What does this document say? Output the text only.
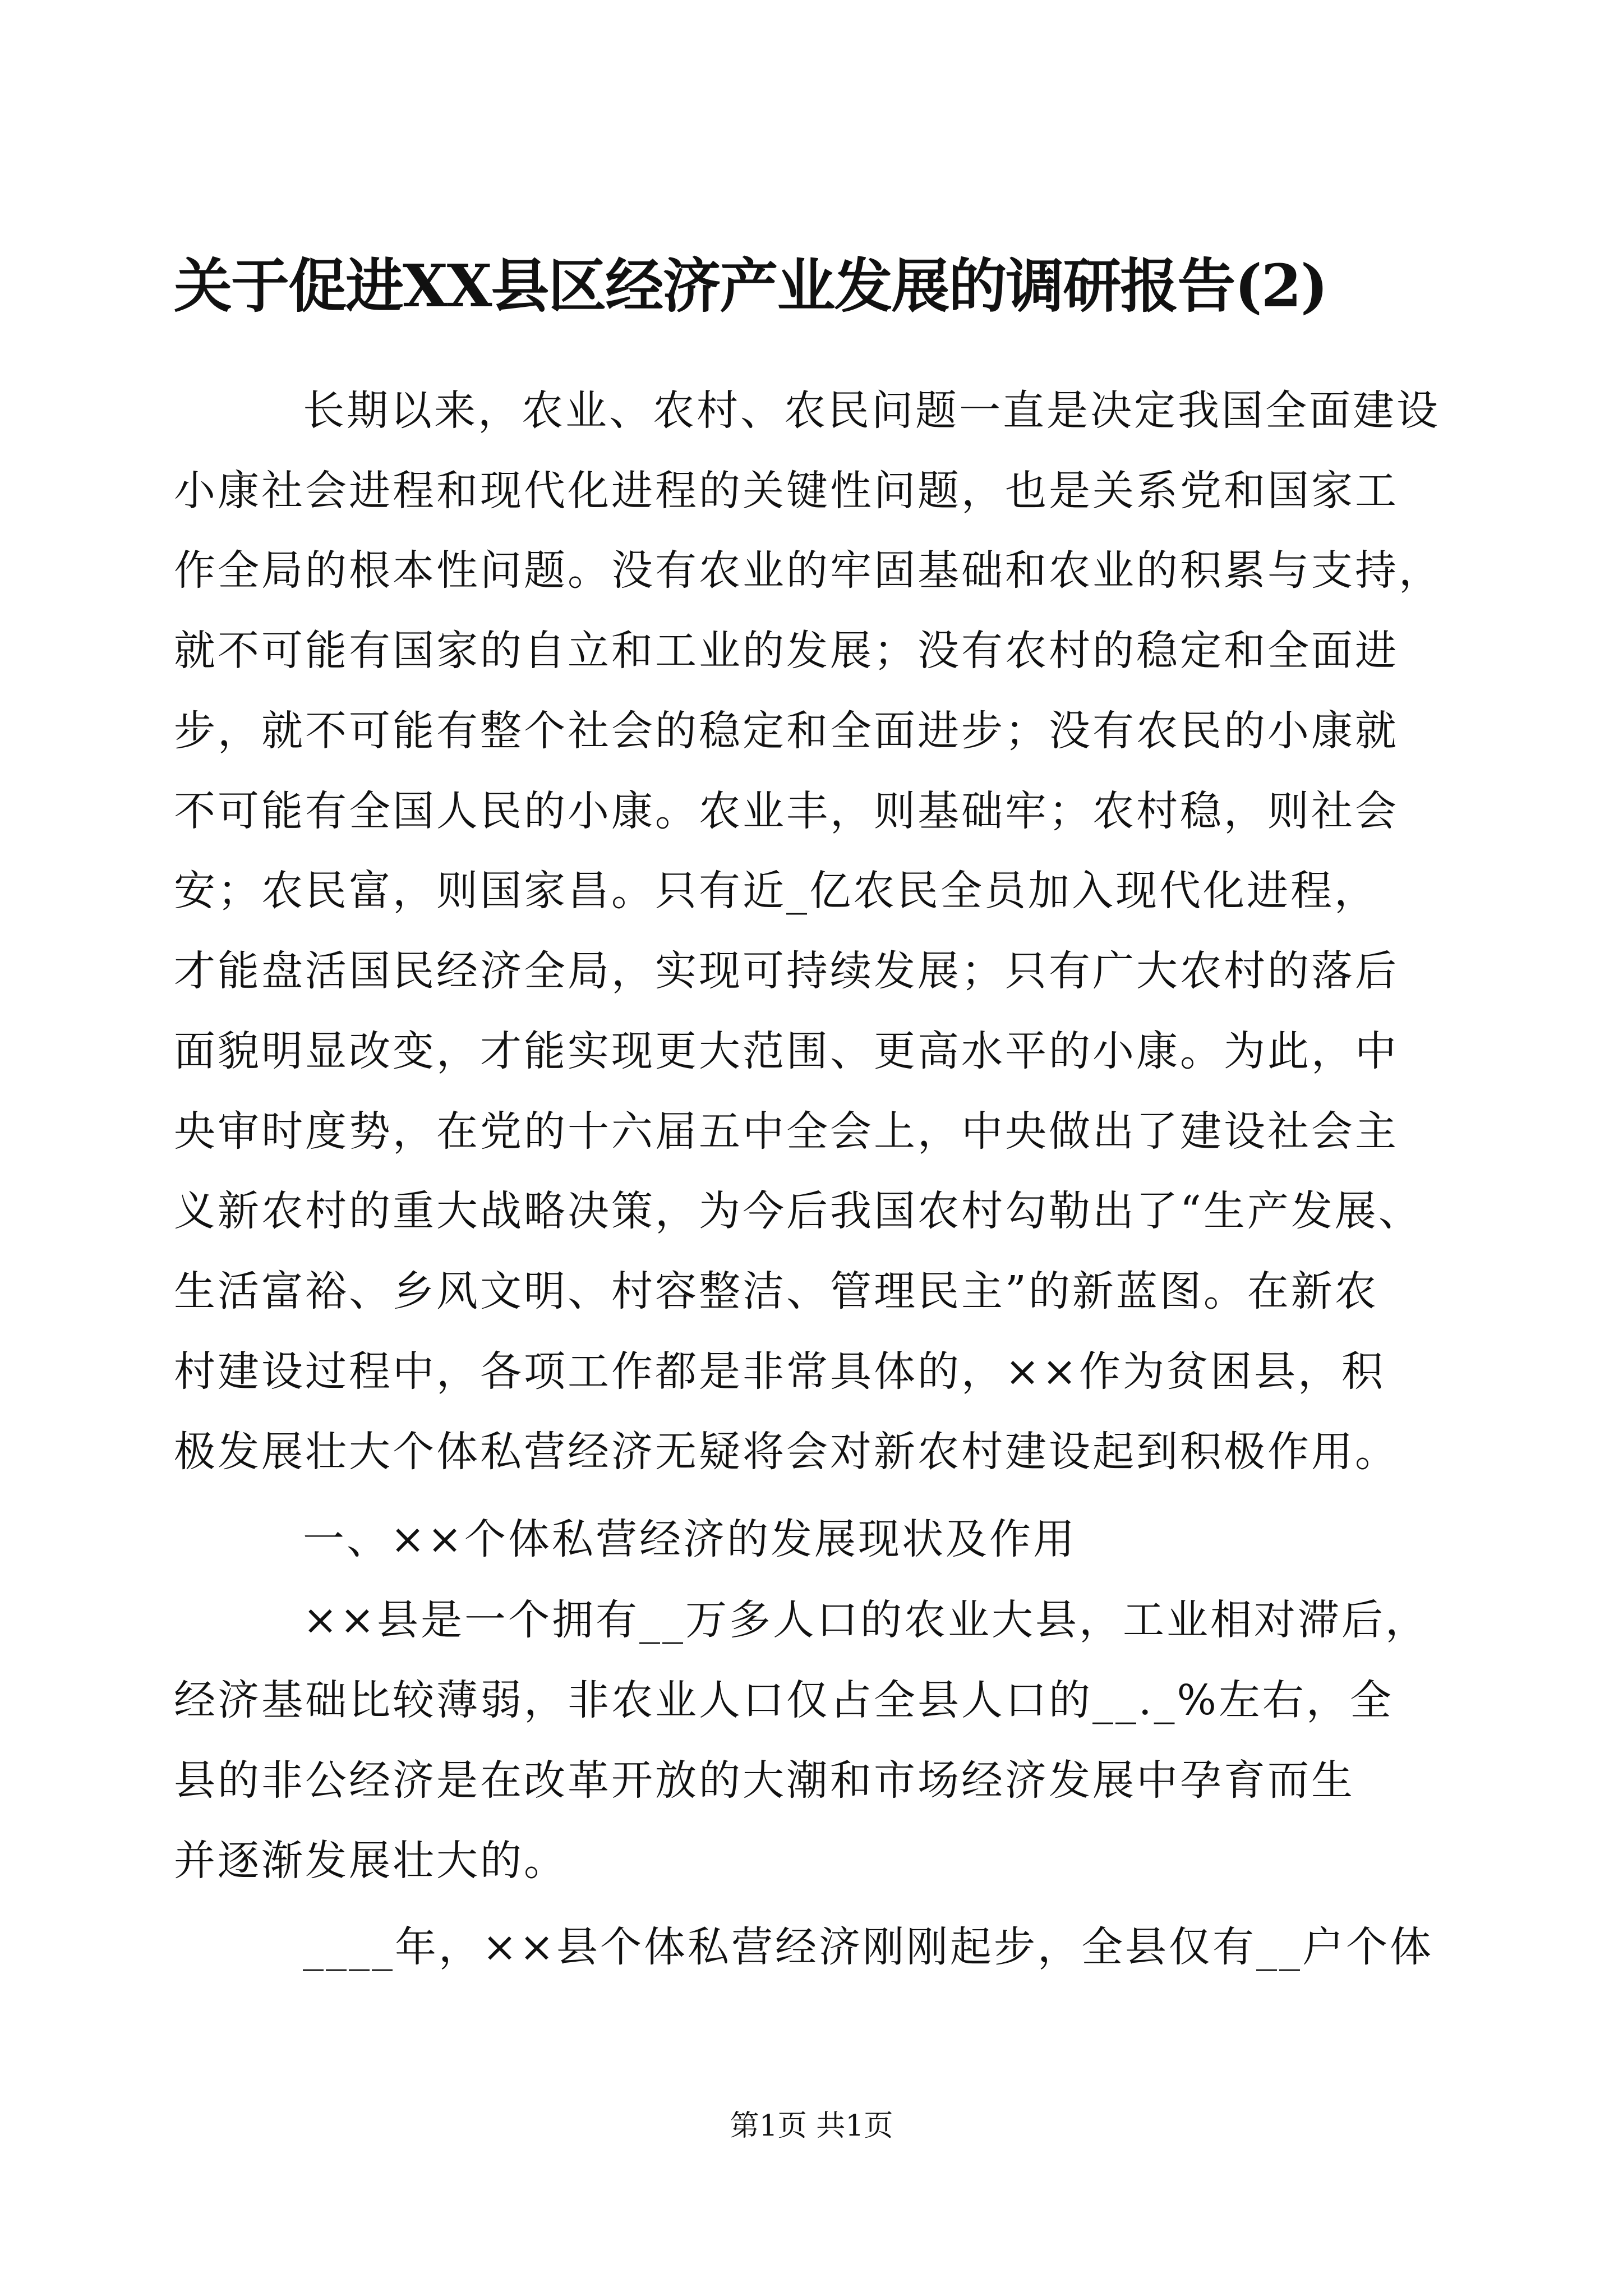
关于促进XX县区经济产业发展的调研报告(2)

长期以来，农业、农村、农民问题一直是决定我国全面建设

小康社会进程和现代化进程的关键性问题，也是关系党和国家工

作全局的根本性问题。没有农业的牢固基础和农业的积累与支持，

就不可能有国家的自立和工业的发展；没有农村的稳定和全面进

步，就不可能有整个社会的稳定和全面进步；没有农民的小康就

不可能有全国人民的小康。农业丰，则基础牢；农村稳，则社会

安；农民富，则国家昌。只有近_亿农民全员加入现代化进程，

才能盘活国民经济全局，实现可持续发展；只有广大农村的落后

面貌明显改变，才能实现更大范围、更高水平的小康。为此，中

央审时度势，在党的十六届五中全会上，中央做出了建设社会主

义新农村的重大战略决策，为今后我国农村勾勒出了“生产发展、

生活富裕、乡风文明、村容整洁、管理民主”的新蓝图。在新农

村建设过程中，各项工作都是非常具体的，××作为贫困县，积

极发展壮大个体私营经济无疑将会对新农村建设起到积极作用。

一、××个体私营经济的发展现状及作用

××县是一个拥有__万多人口的农业大县，工业相对滞后，

经济基础比较薄弱，非农业人口仅占全县人口的__._%左右，全

县的非公经济是在改革开放的大潮和市场经济发展中孕育而生

并逐渐发展壮大的。

____年，××县个体私营经济刚刚起步，全县仅有__户个体

第1页 共1页
